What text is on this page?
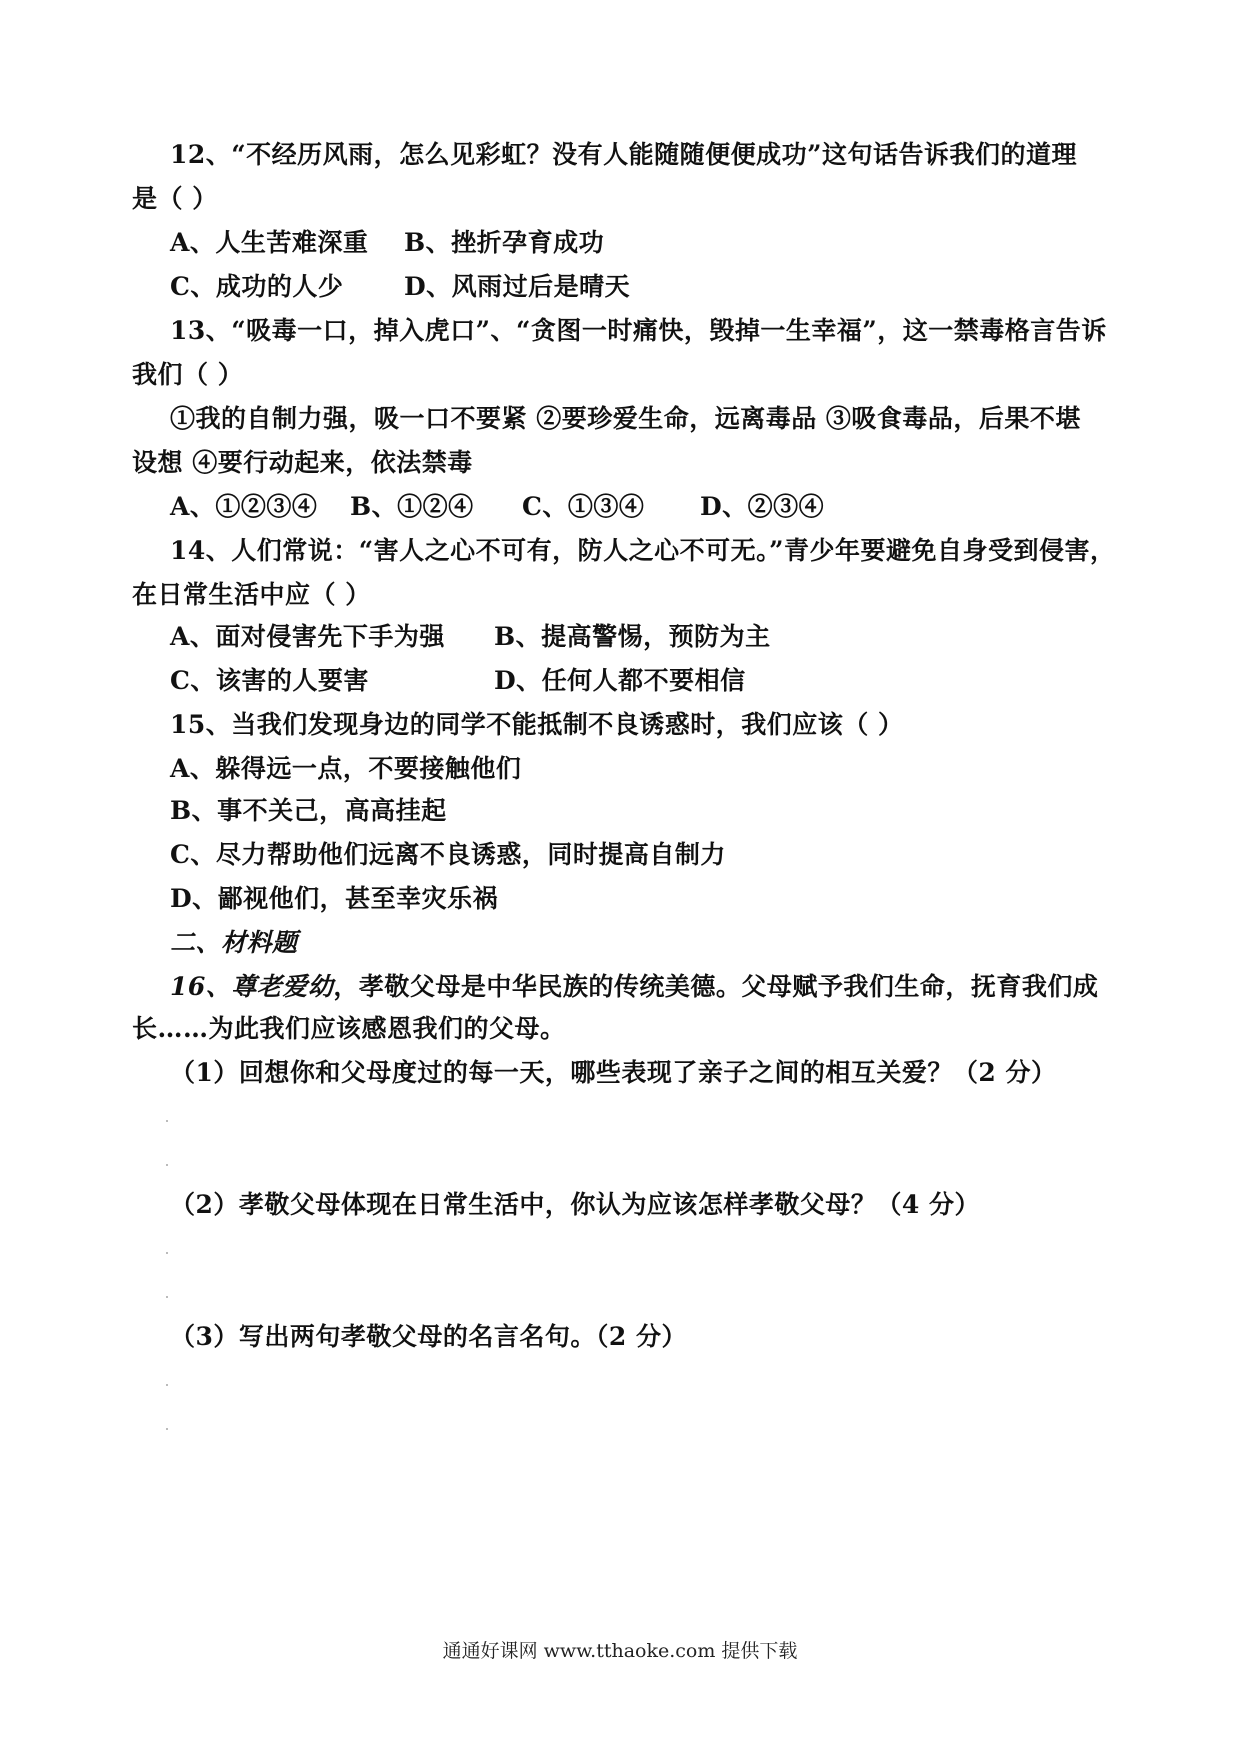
12、“不经历风雨，怎么见彩虹？没有人能随随便便成功”这句话告诉我们的道理
是（ ）
A、人生苦难深重 B、挫折孕育成功
C、成功的人少 D、风雨过后是晴天
13、“吸毒一口，掉入虎口”、“贪图一时痛快，毁掉一生幸福”，这一禁毒格言告诉
我们（ ）
①我的自制力强，吸一口不要紧 ②要珍爱生命，远离毒品 ③吸食毒品，后果不堪
设想 ④要行动起来，依法禁毒
A、①②③④ B、①②④ C、①③④ D、②③④
14、人们常说：“害人之心不可有，防人之心不可无。”青少年要避免自身受到侵害，
在日常生活中应（ ）
A、面对侵害先下手为强 B、提高警惕，预防为主
C、该害的人要害	D、任何人都不要相信
15、当我们发现身边的同学不能抵制不良诱惑时，我们应该（ ）
A、躲得远一点，不要接触他们
B、事不关己，高高挂起
C、尽力帮助他们远离不良诱惑，同时提高自制力
D、鄙视他们，甚至幸灾乐祸
二、材料题
16、尊老爱幼，孝敬父母是中华民族的传统美德。父母赋予我们生命，抚育我们成
长……为此我们应该感恩我们的父母。
（1）回想你和父母度过的每一天，哪些表现了亲子之间的相互关爱？（2 分）
（2）孝敬父母体现在日常生活中，你认为应该怎样孝敬父母？（4 分）
（3）写出两句孝敬父母的名言名句。（2 分）
通通好课网 www.tthaoke.com 提供下载
